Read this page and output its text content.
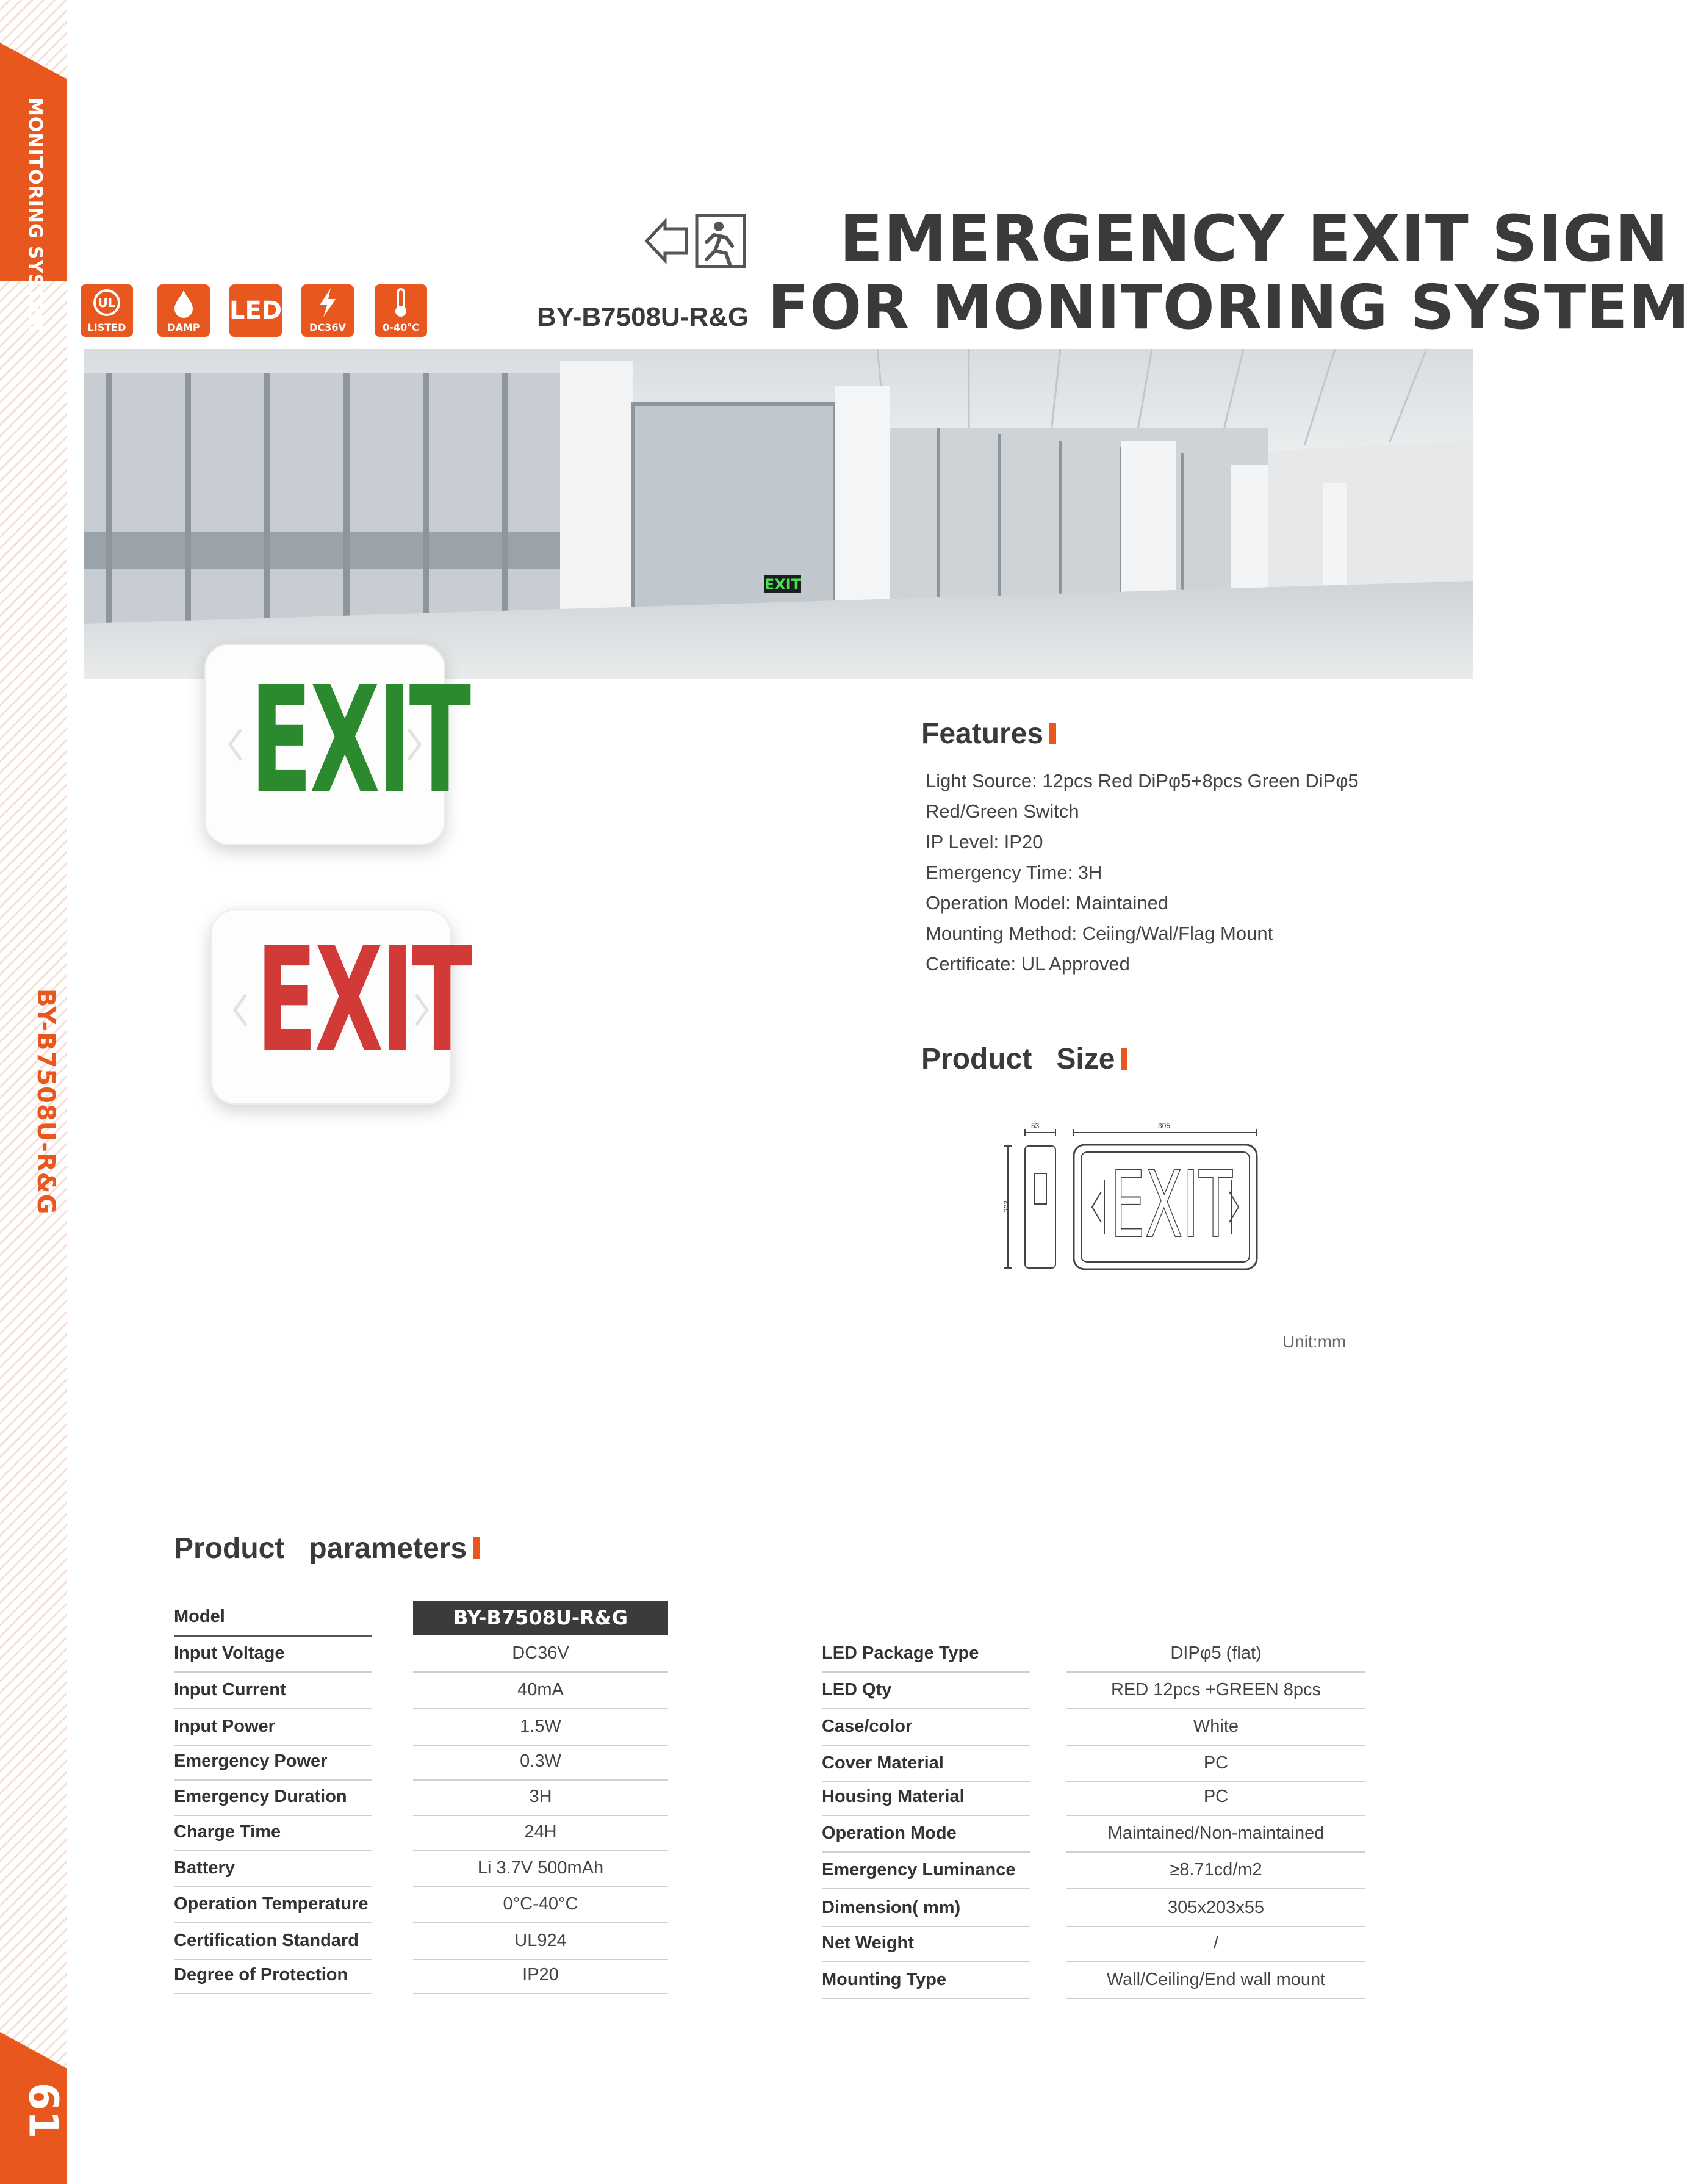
MONITORING SYSTEM
BY-B7508U-R&G
61
EMERGENCY EXIT SIGN
BY-B7508U-R&G FOR MONITORING SYSTEM
UL
LISTED	DAMP
LED
DC36V	0-40°C
EXIT
EXIT
EXIT
Features
Light Source: 12pcs Red DiPφ5+8pcs Green DiPφ5
Red/Green Switch
IP Level: IP20
Emergency Time: 3H
Operation Model: Maintained
Mounting Method: Ceiing/Wal/Flag Mount
Certificate: UL Approved
Product   Size
53	305
203 EXIT
Unit:mm
Product   parameters
Model	BY-B7508U-R&G
Input Voltage	DC36V
Input Current	40mA
Input Power	1.5W
Emergency Power	0.3W
Emergency Duration	3H
Charge Time	24H
Battery	Li 3.7V 500mAh
Operation Temperature	0°C-40°C
Certification Standard	UL924
Degree of Protection	IP20
LED Package Type	DIPφ5 (flat)
LED Qty	RED 12pcs +GREEN 8pcs
Case/color	White
Cover Material	PC
Housing Material	PC
Operation Mode	Maintained/Non-maintained
Emergency Luminance	≥8.71cd/m2
Dimension( mm)	305x203x55
Net Weight	/
Mounting Type	Wall/Ceiling/End wall mount
